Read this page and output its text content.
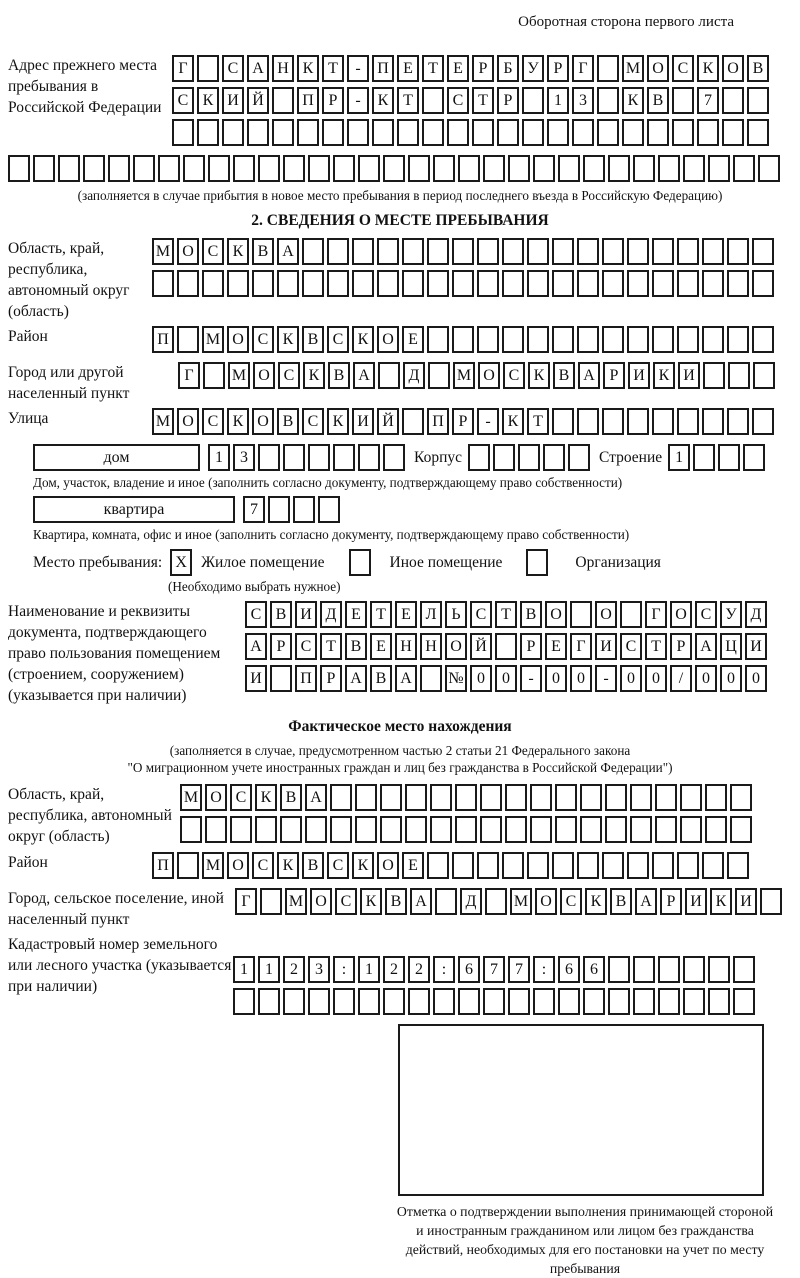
Оборотная сторона первого листа
Адрес прежнего места пребывания в Российской Федерации
Г	С А Н К Т	-	П Е Т Е Р Б У Р Г	М О С К О В
С К И Й	П Р	-	К Т	С Т Р	1	3	К В	7
(заполняется в случае прибытия в новое место пребывания в период последнего въезда в Российскую Федерацию)
2. СВЕДЕНИЯ О МЕСТЕ ПРЕБЫВАНИЯ
Область, край, республика, автономный округ (область)
М О С К В А
Район	П	М О С К В С К О Е
Город или другой населенный пункт
Г	М О С К В А	Д	М О С К В А Р И К И
Улица	М О С К О В С К И Й	П Р	-	К Т
дом	1	3	Корпус	Строение 1
Дом, участок, владение и иное (заполнить согласно документу, подтверждающему право собственности)
квартира	7
Квартира, комната, офис и иное (заполнить согласно документу, подтверждающему право собственности)
Место пребывания: X Жилое помещение	Иное помещение	Организация
(Необходимо выбрать нужное)
Наименование и реквизиты документа, подтверждающего право пользования помещением (строением, сооружением) (указывается при наличии)
С В И Д Е Т Е Л Ь С Т В О	О	Г О С У Д
А Р С Т В Е Н Н О Й	Р Е Г И С Т Р А Ц И
И	П Р А В А	№ 0	0	-	0	0	-	0	0	/	0	0	0
Фактическое место нахождения
(заполняется в случае, предусмотренном частью 2 статьи 21 Федерального закона
"О миграционном учете иностранных граждан и лиц без гражданства в Российской Федерации")
Область, край, республика, автономный округ (область)
М О С К В А
Район	П	М О С К В С К О Е
Город, сельское поселение, иной населенный пункт
Г	М О С К В А	Д	М О С К В А Р И К И
Кадастровый номер земельного или лесного участка (указывается при наличии)
1	1	2	3	:	1	2	2	:	6	7	7	:	6	6
Отметка о подтверждении выполнения принимающей стороной и иностранным гражданином или лицом без гражданства действий, необходимых для его постановки на учет по месту пребывания
